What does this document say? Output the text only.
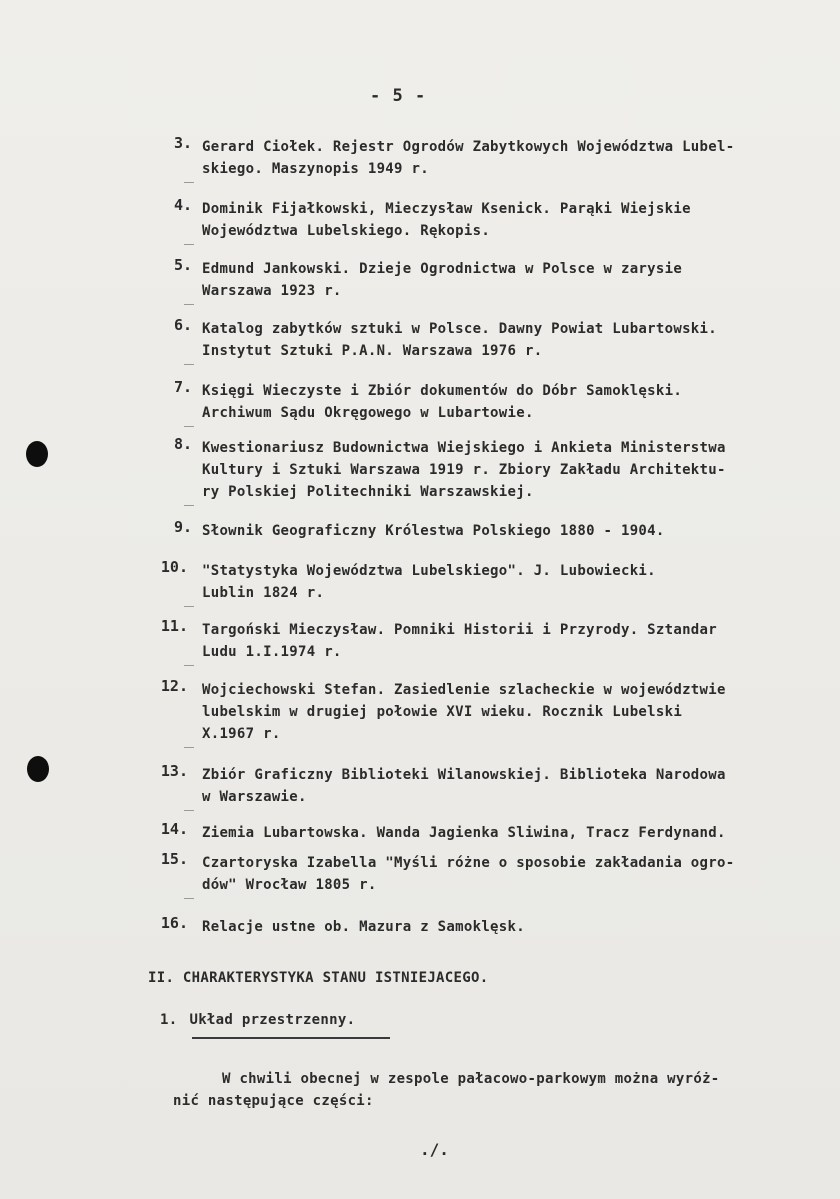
- 5 -
3. Gerard Ciołek. Rejestr Ogrodów Zabytkowych Województwa Lubel-
skiego. Maszynopis 1949 r.
4. Dominik Fijałkowski, Mieczysław Ksenick. Parąki Wiejskie
Województwa Lubelskiego. Rękopis.
5. Edmund Jankowski. Dzieje Ogrodnictwa w Polsce w zarysie
Warszawa 1923 r.
6. Katalog zabytków sztuki w Polsce. Dawny Powiat Lubartowski.
Instytut Sztuki P.A.N. Warszawa 1976 r.
7. Księgi Wieczyste i Zbiór dokumentów do Dóbr Samoklęski.
Archiwum Sądu Okręgowego w Lubartowie.
8. Kwestionariusz Budownictwa Wiejskiego i Ankieta Ministerstwa
Kultury i Sztuki Warszawa 1919 r. Zbiory Zakładu Architektu-
ry Polskiej Politechniki Warszawskiej.
9. Słownik Geograficzny Królestwa Polskiego 1880 - 1904.
10. "Statystyka Województwa Lubelskiego". J. Lubowiecki.
Lublin 1824 r.
11. Targoński Mieczysław. Pomniki Historii i Przyrody. Sztandar
Ludu 1.I.1974 r.
12. Wojciechowski Stefan. Zasiedlenie szlacheckie w województwie
lubelskim w drugiej połowie XVI wieku. Rocznik Lubelski
X.1967 r.
13. Zbiór Graficzny Biblioteki Wilanowskiej. Biblioteka Narodowa
w Warszawie.
14. Ziemia Lubartowska. Wanda Jagienka Sliwina, Tracz Ferdynand.
15. Czartoryska Izabella "Myśli różne o sposobie zakładania ogro-
dów" Wrocław 1805 r.
16. Relacje ustne ob. Mazura z Samoklęsk.
II. CHARAKTERYSTYKA STANU ISTNIEJACEGO.
1. Układ przestrzenny.
W chwili obecnej w zespole pałacowo-parkowym można wyróż-
nić następujące części:
./.
